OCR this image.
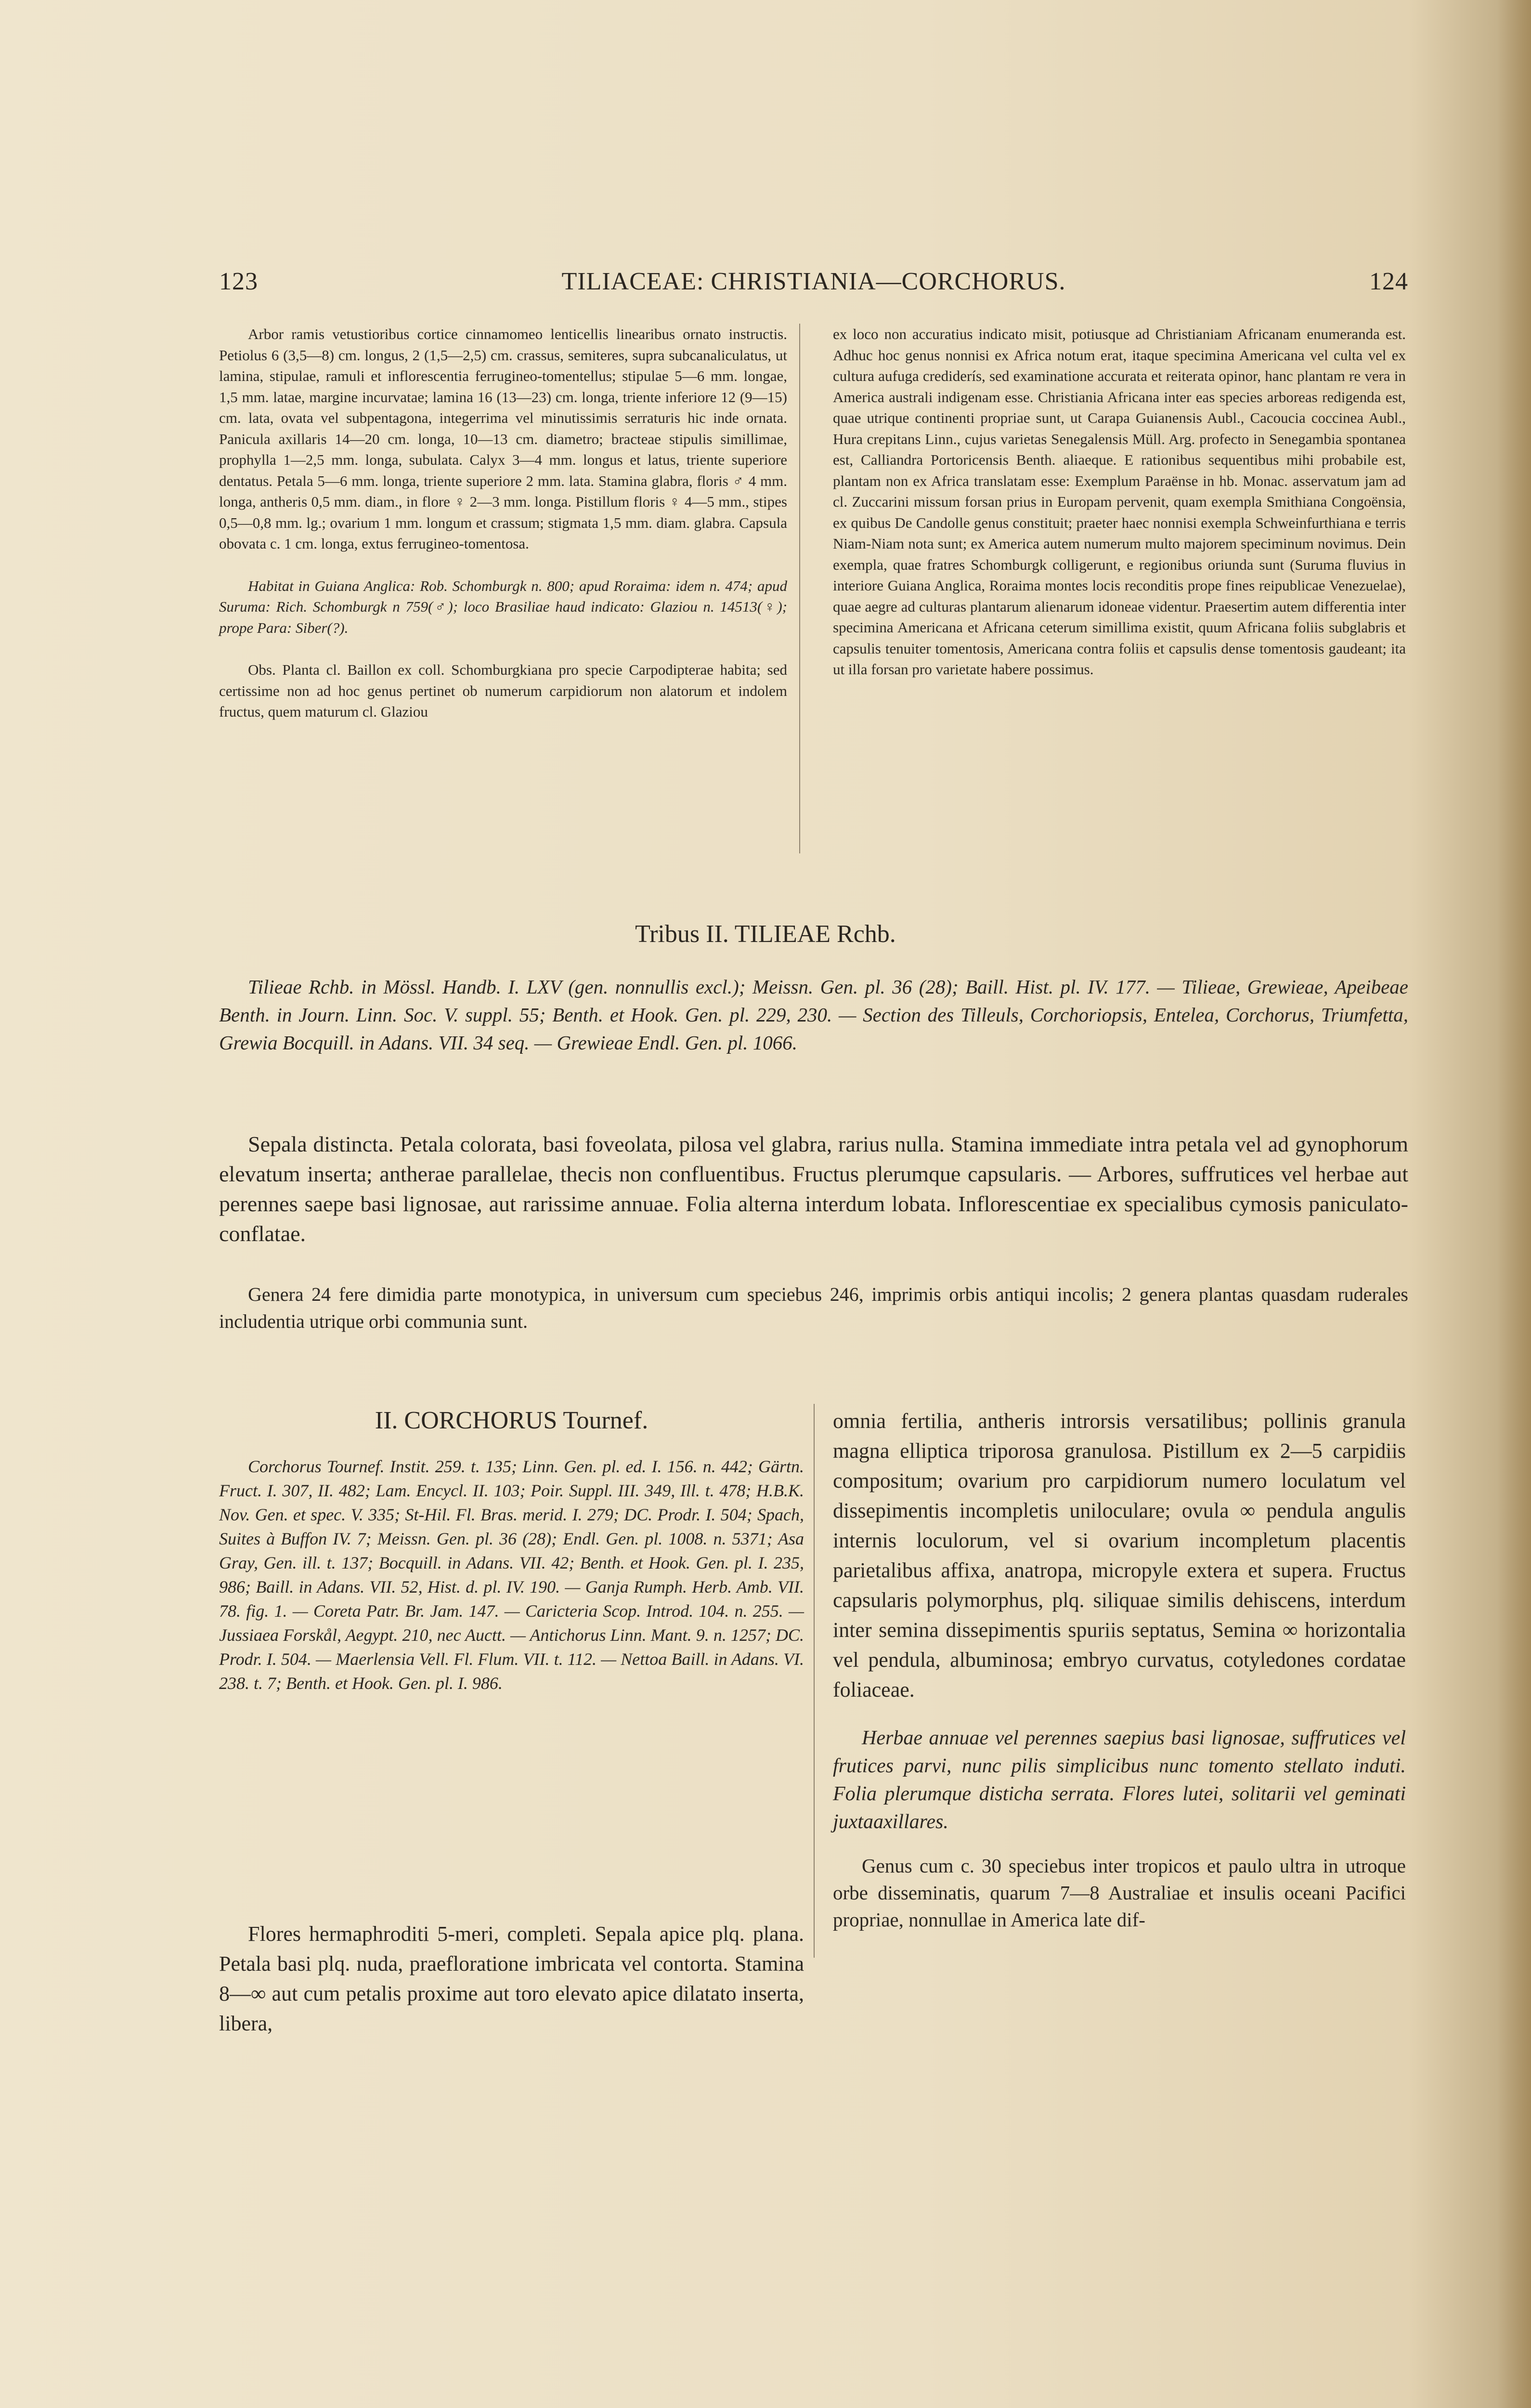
123	TILIACEAE: CHRISTIANIA—CORCHORUS.	124

Arbor ramis vetustioribus cortice cinnamomeo lenticellis linearibus ornato instructis. Petiolus 6 (3,5—8) cm. longus, 2 (1,5—2,5) cm. crassus, semiteres, supra subcanaliculatus, ut lamina, stipulae, ramuli et inflorescentia ferrugineo-tomentellus; stipulae 5—6 mm. longae, 1,5 mm. latae, margine incurvatae; lamina 16 (13—23) cm. longa, triente inferiore 12 (9—15) cm. lata, ovata vel subpentagona, integerrima vel minutissimis serraturis hic inde ornata. Panicula axillaris 14—20 cm. longa, 10—13 cm. diametro; bracteae stipulis simillimae, prophylla 1—2,5 mm. longa, subulata. Calyx 3—4 mm. longus et latus, triente superiore dentatus. Petala 5—6 mm. longa, triente superiore 2 mm. lata. Stamina glabra, floris ♂ 4 mm. longa, antheris 0,5 mm. diam., in flore ♀ 2—3 mm. longa. Pistillum floris ♀ 4—5 mm., stipes 0,5—0,8 mm. lg.; ovarium 1 mm. longum et crassum; stigmata 1,5 mm. diam. glabra. Capsula obovata c. 1 cm. longa, extus ferrugineo-tomentosa.

Habitat in Guiana Anglica: Rob. Schomburgk n. 800; apud Roraima: idem n. 474; apud Suruma: Rich. Schomburgk n 759(♂); loco Brasiliae haud indicato: Glaziou n. 14513(♀); prope Para: Siber(?).

Obs. Planta cl. Baillon ex coll. Schomburgkiana pro specie Carpodipterae habita; sed certissime non ad hoc genus pertinet ob numerum carpidiorum non alatorum et indolem fructus, quem maturum cl. Glaziou

ex loco non accuratius indicato misit, potiusque ad Christianiam Africanam enumeranda est. Adhuc hoc genus nonnisi ex Africa notum erat, itaque specimina Americana vel culta vel ex cultura aufuga crediderís, sed examinatione accurata et reiterata opinor, hanc plantam re vera in America australi indigenam esse. Christiania Africana inter eas species arboreas redigenda est, quae utrique continenti propriae sunt, ut Carapa Guianensis Aubl., Cacoucia coccinea Aubl., Hura crepitans Linn., cujus varietas Senegalensis Müll. Arg. profecto in Senegambia spontanea est, Calliandra Portoricensis Benth. aliaeque. E rationibus sequentibus mihi probabile est, plantam non ex Africa translatam esse: Exemplum Paraënse in hb. Monac. asservatum jam ad cl. Zuccarini missum forsan prius in Europam pervenit, quam exempla Smithiana Congoënsia, ex quibus De Candolle genus constituit; praeter haec nonnisi exempla Schweinfurthiana e terris Niam-Niam nota sunt; ex America autem numerum multo majorem speciminum novimus. Dein exempla, quae fratres Schomburgk colligerunt, e regionibus oriunda sunt (Suruma fluvius in interiore Guiana Anglica, Roraima montes locis reconditis prope fines reipublicae Venezuelae), quae aegre ad culturas plantarum alienarum idoneae videntur. Praesertim autem differentia inter specimina Americana et Africana ceterum simillima existit, quum Africana foliis subglabris et capsulis tenuiter tomentosis, Americana contra foliis et capsulis dense tomentosis gaudeant; ita ut illa forsan pro varietate habere possimus.

Tribus II. TILIEAE Rchb.

Tilieae Rchb. in Mössl. Handb. I. LXV (gen. nonnullis excl.); Meissn. Gen. pl. 36 (28); Baill. Hist. pl. IV. 177. — Tilieae, Grewieae, Apeibeae Benth. in Journ. Linn. Soc. V. suppl. 55; Benth. et Hook. Gen. pl. 229, 230. — Section des Tilleuls, Corchoriopsis, Entelea, Corchorus, Triumfetta, Grewia Bocquill. in Adans. VII. 34 seq. — Grewieae Endl. Gen. pl. 1066.

Sepala distincta. Petala colorata, basi foveolata, pilosa vel glabra, rarius nulla. Stamina immediate intra petala vel ad gynophorum elevatum inserta; antherae parallelae, thecis non confluentibus. Fructus plerumque capsularis. — Arbores, suffrutices vel herbae aut perennes saepe basi lignosae, aut rarissime annuae. Folia alterna interdum lobata. Inflorescentiae ex specialibus cymosis paniculato-conflatae.

Genera 24 fere dimidia parte monotypica, in universum cum speciebus 246, imprimis orbis antiqui incolis; 2 genera plantas quasdam ruderales includentia utrique orbi communia sunt.

II. CORCHORUS Tournef.

Corchorus Tournef. Instit. 259. t. 135; Linn. Gen. pl. ed. I. 156. n. 442; Gärtn. Fruct. I. 307, II. 482; Lam. Encycl. II. 103; Poir. Suppl. III. 349, Ill. t. 478; H.B.K. Nov. Gen. et spec. V. 335; St-Hil. Fl. Bras. merid. I. 279; DC. Prodr. I. 504; Spach, Suites à Buffon IV. 7; Meissn. Gen. pl. 36 (28); Endl. Gen. pl. 1008. n. 5371; Asa Gray, Gen. ill. t. 137; Bocquill. in Adans. VII. 42; Benth. et Hook. Gen. pl. I. 235, 986; Baill. in Adans. VII. 52, Hist. d. pl. IV. 190. — Ganja Rumph. Herb. Amb. VII. 78. fig. 1. — Coreta Patr. Br. Jam. 147. — Caricteria Scop. Introd. 104. n. 255. — Jussiaea Forskål, Aegypt. 210, nec Auctt. — Antichorus Linn. Mant. 9. n. 1257; DC. Prodr. I. 504. — Maerlensia Vell. Fl. Flum. VII. t. 112. — Nettoa Baill. in Adans. VI. 238. t. 7; Benth. et Hook. Gen. pl. I. 986.

Flores hermaphroditi 5-meri, completi. Sepala apice plq. plana. Petala basi plq. nuda, praefloratione imbricata vel contorta. Stamina 8—∞ aut cum petalis proxime aut toro elevato apice dilatato inserta, libera,

omnia fertilia, antheris introrsis versatilibus; pollinis granula magna elliptica triporosa granulosa. Pistillum ex 2—5 carpidiis compositum; ovarium pro carpidiorum numero loculatum vel dissepimentis incompletis uniloculare; ovula ∞ pendula angulis internis loculorum, vel si ovarium incompletum placentis parietalibus affixa, anatropa, micropyle extera et supera. Fructus capsularis polymorphus, plq. siliquae similis dehiscens, interdum inter semina dissepimentis spuriis septatus, Semina ∞ horizontalia vel pendula, albuminosa; embryo curvatus, cotyledones cordatae foliaceae.

Herbae annuae vel perennes saepius basi lignosae, suffrutices vel frutices parvi, nunc pilis simplicibus nunc tomento stellato induti. Folia plerumque disticha serrata. Flores lutei, solitarii vel geminati juxtaaxillares.

Genus cum c. 30 speciebus inter tropicos et paulo ultra in utroque orbe disseminatis, quarum 7—8 Australiae et insulis oceani Pacifici propriae, nonnullae in America late dif-
